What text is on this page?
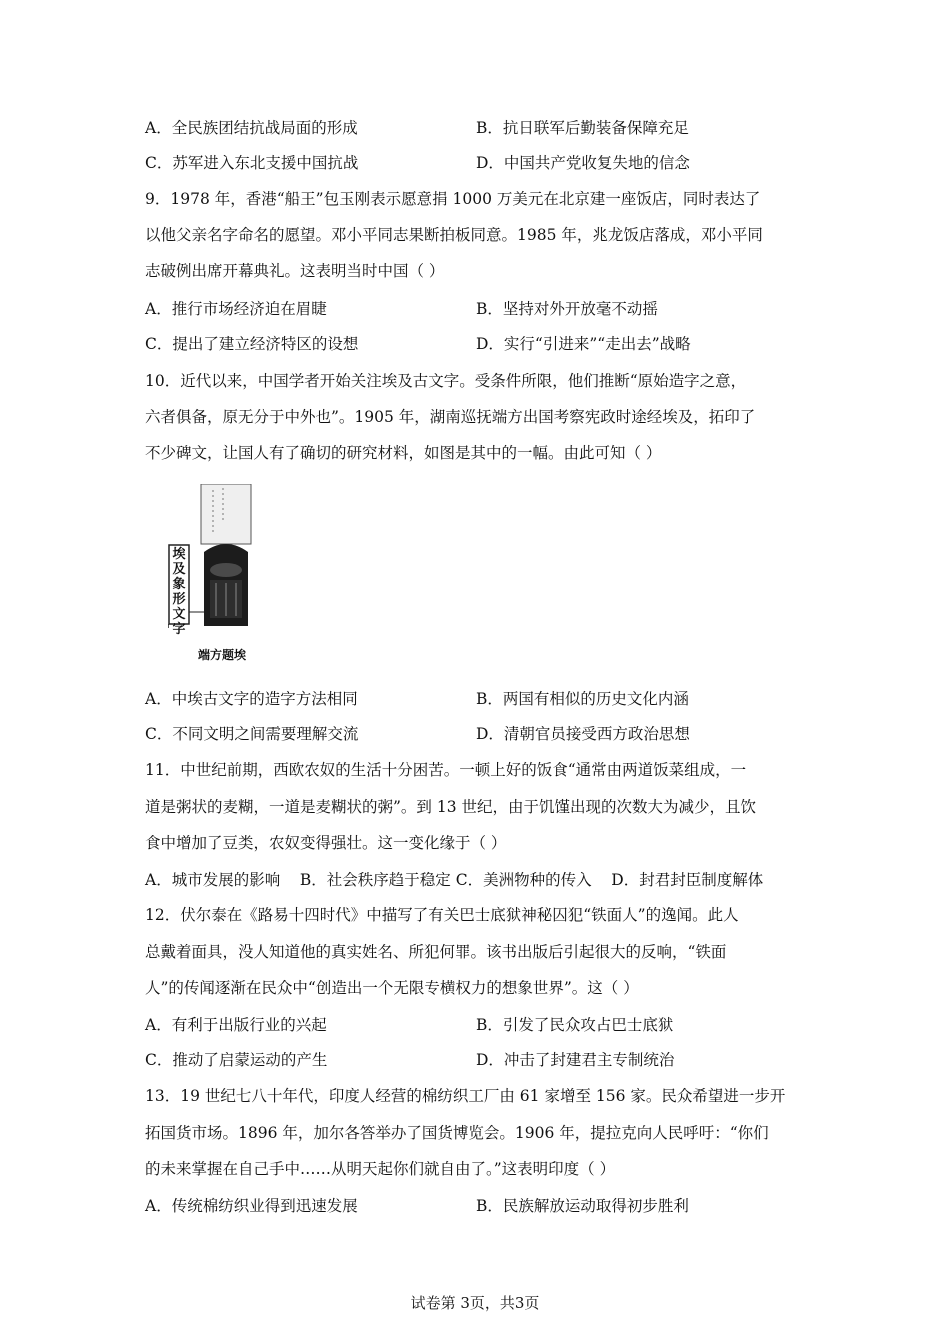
A．全民族团结抗战局面的形成	B．抗日联军后勤装备保障充足
C．苏军进入东北支援中国抗战	D．中国共产党收复失地的信念
9．1978 年，香港“船王”包玉刚表示愿意捐 1000 万美元在北京建一座饭店，同时表达了
以他父亲名字命名的愿望。邓小平同志果断拍板同意。1985 年，兆龙饭店落成，邓小平同
志破例出席开幕典礼。这表明当时中国（ ）
A．推行市场经济迫在眉睫	B．坚持对外开放毫不动摇
C．提出了建立经济特区的设想	D．实行“引进来”“走出去”战略
10．近代以来，中国学者开始关注埃及古文字。受条件所限，他们推断“原始造字之意，
六者俱备，原无分于中外也”。1905 年，湖南巡抚端方出国考察宪政时途经埃及，拓印了
不少碑文，让国人有了确切的研究材料，如图是其中的一幅。由此可知（ ）
埃及象形文字
端方题埃
A．中埃古文字的造字方法相同	B．两国有相似的历史文化内涵
C．不同文明之间需要理解交流	D．清朝官员接受西方政治思想
11．中世纪前期，西欧农奴的生活十分困苦。一顿上好的饭食“通常由两道饭菜组成，一
道是粥状的麦糊，一道是麦糊状的粥”。到 13 世纪，由于饥馑出现的次数大为减少，且饮
食中增加了豆类，农奴变得强壮。这一变化缘于（ ）
A．城市发展的影响    B．社会秩序趋于稳定 C．美洲物种的传入    D．封君封臣制度解体
12．伏尔泰在《路易十四时代》中描写了有关巴士底狱神秘囚犯“铁面人”的逸闻。此人
总戴着面具，没人知道他的真实姓名、所犯何罪。该书出版后引起很大的反响，“铁面
人”的传闻逐渐在民众中“创造出一个无限专横权力的想象世界”。这（ ）
A．有利于出版行业的兴起	B．引发了民众攻占巴士底狱
C．推动了启蒙运动的产生	D．冲击了封建君主专制统治
13．19 世纪七八十年代，印度人经营的棉纺织工厂由 61 家增至 156 家。民众希望进一步开
拓国货市场。1896 年，加尔各答举办了国货博览会。1906 年，提拉克向人民呼吁：“你们
的未来掌握在自己手中……从明天起你们就自由了。”这表明印度（ ）
A．传统棉纺织业得到迅速发展	B．民族解放运动取得初步胜利
试卷第 3页，共3页
